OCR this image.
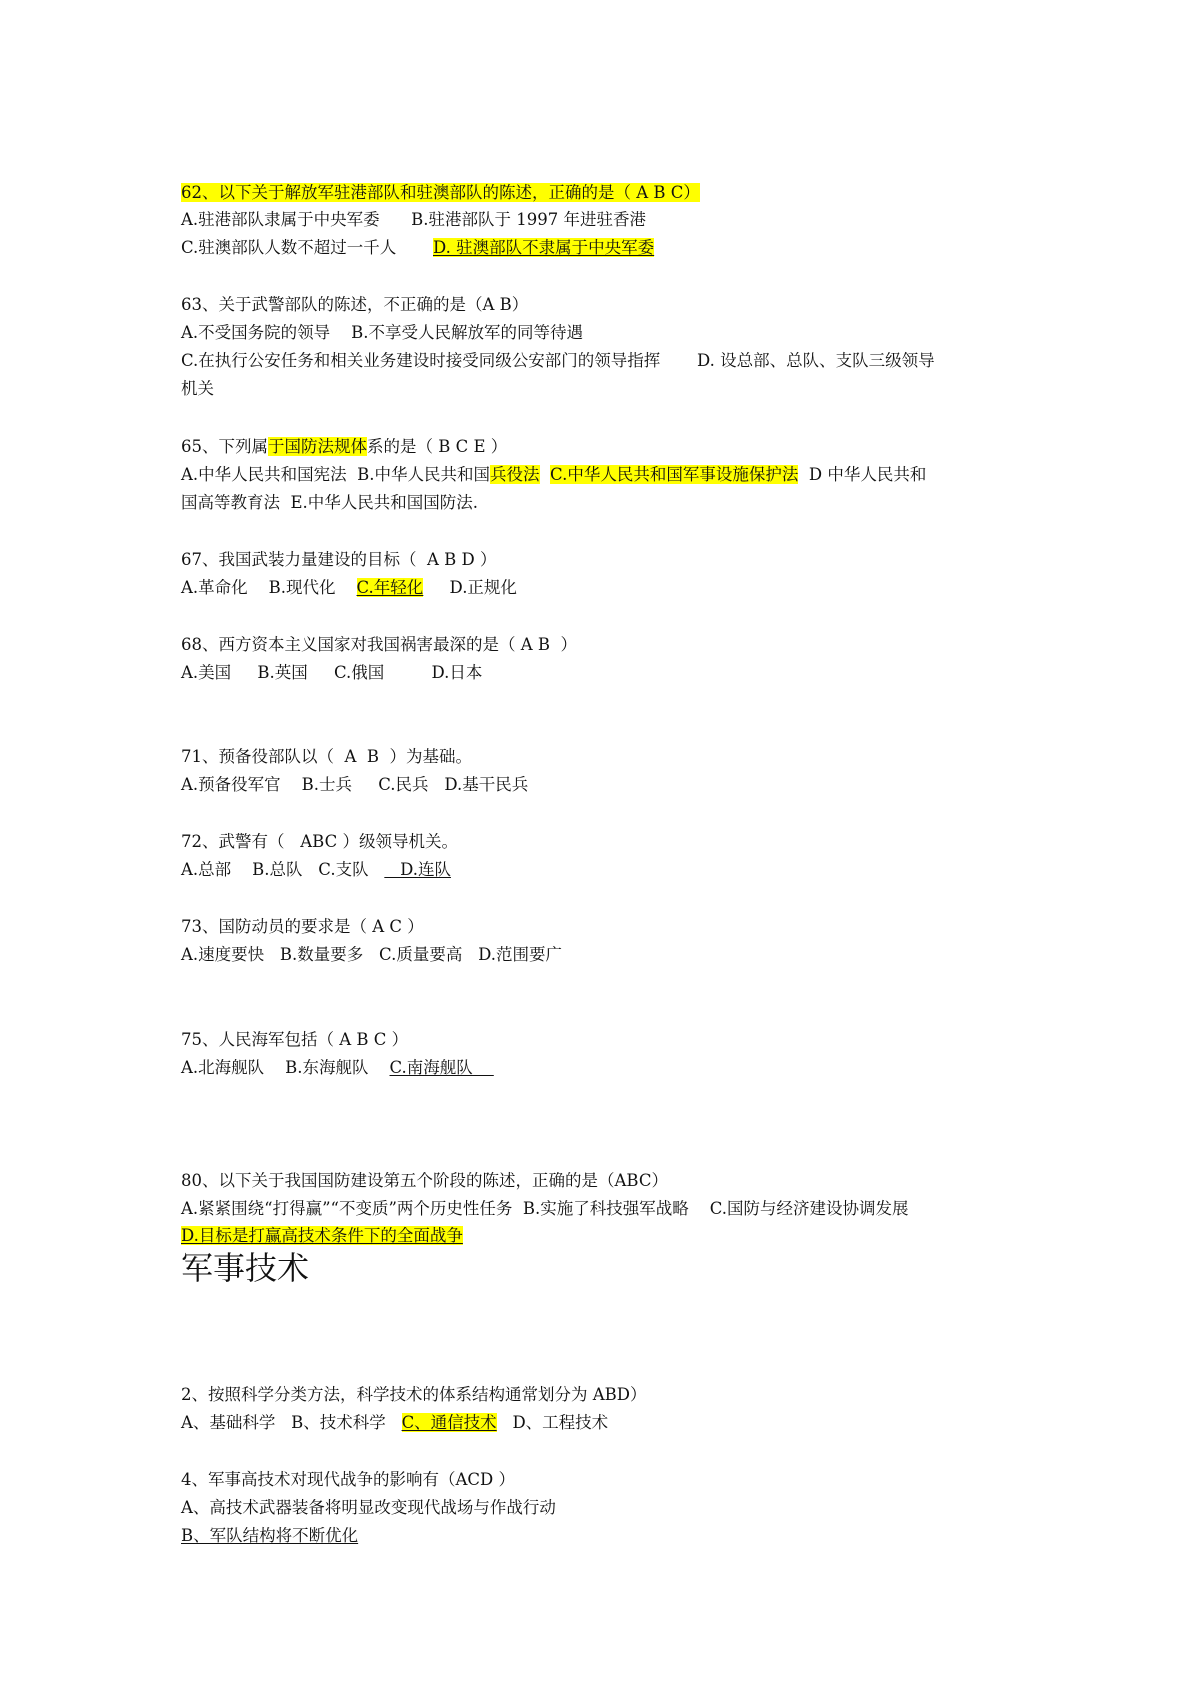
62、以下关于解放军驻港部队和驻澳部队的陈述，正确的是（ A B C）
A.驻港部队隶属于中央军委 B.驻港部队于 1997 年进驻香港
C.驻澳部队人数不超过一千人 D. 驻澳部队不隶属于中央军委
63、关于武警部队的陈述，不正确的是（A B）
A.不受国务院的领导 B.不享受人民解放军的同等待遇
C.在执行公安任务和相关业务建设时接受同级公安部门的领导指挥 D. 设总部、总队、支队三级领导
机关
65、下列属于国防法规体系的是（ B C E ）
A.中华人民共和国宪法 B.中华人民共和国兵役法 C.中华人民共和国军事设施保护法 D 中华人民共和
国高等教育法 E.中华人民共和国国防法.
67、我国武装力量建设的目标（  A B D ）
A.革命化 B.现代化 C.年轻化 D.正规化
68、西方资本主义国家对我国祸害最深的是（ A B  ）
A.美国 B.英国 C.俄国	D.日本
71、预备役部队以（  A  B  ）为基础。
A.预备役军官 B.士兵 C.民兵 D.基干民兵
72、武警有（   ABC ）级领导机关。
A.总部 B.总队 C.支队      D.连队
73、国防动员的要求是（ A C ）
A.速度要快 B.数量要多 C.质量要高 D.范围要广
75、人民海军包括（ A B C ）
A.北海舰队 B.东海舰队 C.南海舰队
80、以下关于我国国防建设第五个阶段的陈述，正确的是（ABC）
A.紧紧围绕“打得赢”“不变质”两个历史性任务 B.实施了科技强军战略 C.国防与经济建设协调发展
D.目标是打赢高技术条件下的全面战争
军事技术
2、按照科学分类方法，科学技术的体系结构通常划分为 ABD）
A、基础科学 B、技术科学 C、通信技术 D、工程技术
4、军事高技术对现代战争的影响有（ACD ）
A、高技术武器装备将明显改变现代战场与作战行动
B、军队结构将不断优化
